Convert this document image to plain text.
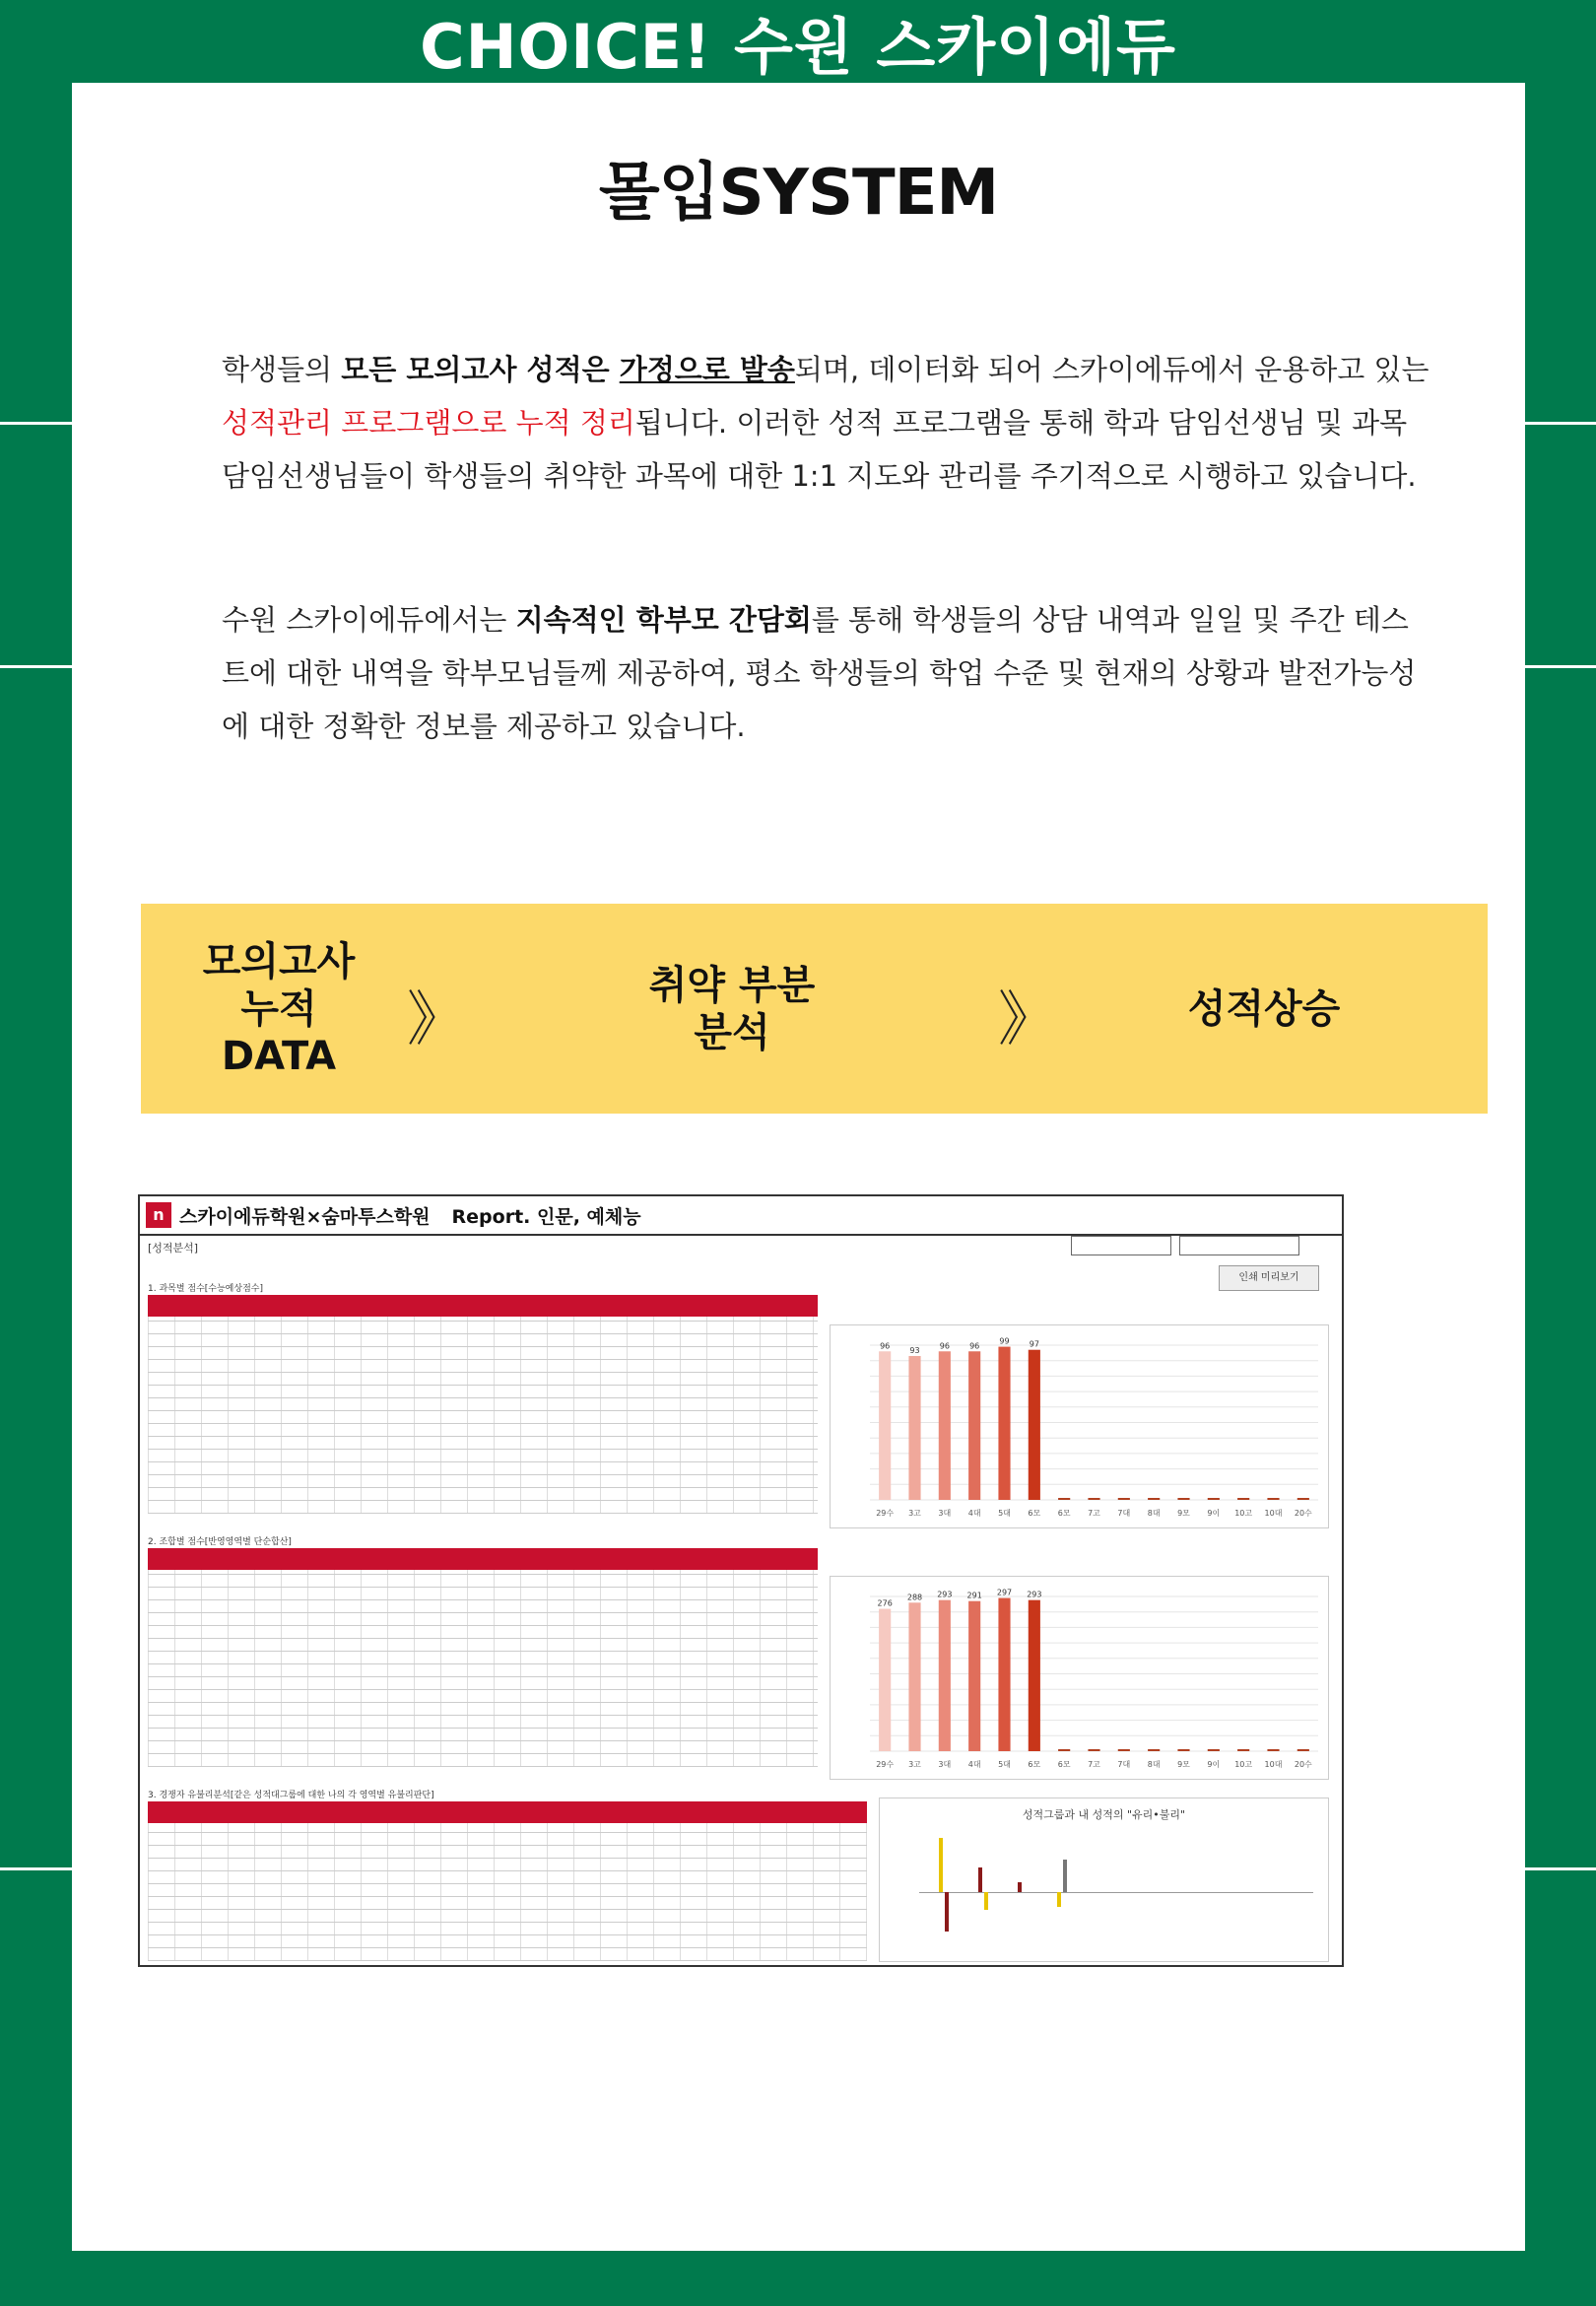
CHOICE! 수원 스카이에듀
몰입SYSTEM

학생들의 모든 모의고사 성적은 가정으로 발송되며, 데이터화 되어 스카이에듀에서 운용하고 있는 성적관리 프로그램으로 누적 정리됩니다. 이러한 성적 프로그램을 통해 학과 담임선생님 및 과목 담임선생님들이 학생들의 취약한 과목에 대한 1:1 지도와 관리를 주기적으로 시행하고 있습니다.

수원 스카이에듀에서는 지속적인 학부모 간담회를 통해 학생들의 상담 내역과 일일 및 주간 테스트에 대한 내역을 학부모님들께 제공하여, 평소 학생들의 학업 수준 및 현재의 상황과 발전가능성에 대한 정확한 정보를 제공하고 있습니다.

모의고사
누적 DATA
》
취약 부분
분석	》	성적상승
n 스카이에듀학원×숨마투스학원 Report. 인문, 예체능
[성적분석]
인쇄 미리보기
1. 과목별 점수[수능예상점수]
2. 조합별 점수[반영영역별 단순합산]
3. 경쟁자 유불리분석[같은 성적대그룹에 대한 나의 각 영역별 유불리판단]
96
29수
93
3고
96
3대
96
4대
99
5대
97
6모 6모 7고 7대 8대 9모 9이 10고 10대 20수
276
29수
288
3고
293
3대
291
4대
297
5대
293
6모 6모 7고 7대 8대 9모 9이 10고 10대 20수
성적그룹과 내 성적의 "유리•불리"
